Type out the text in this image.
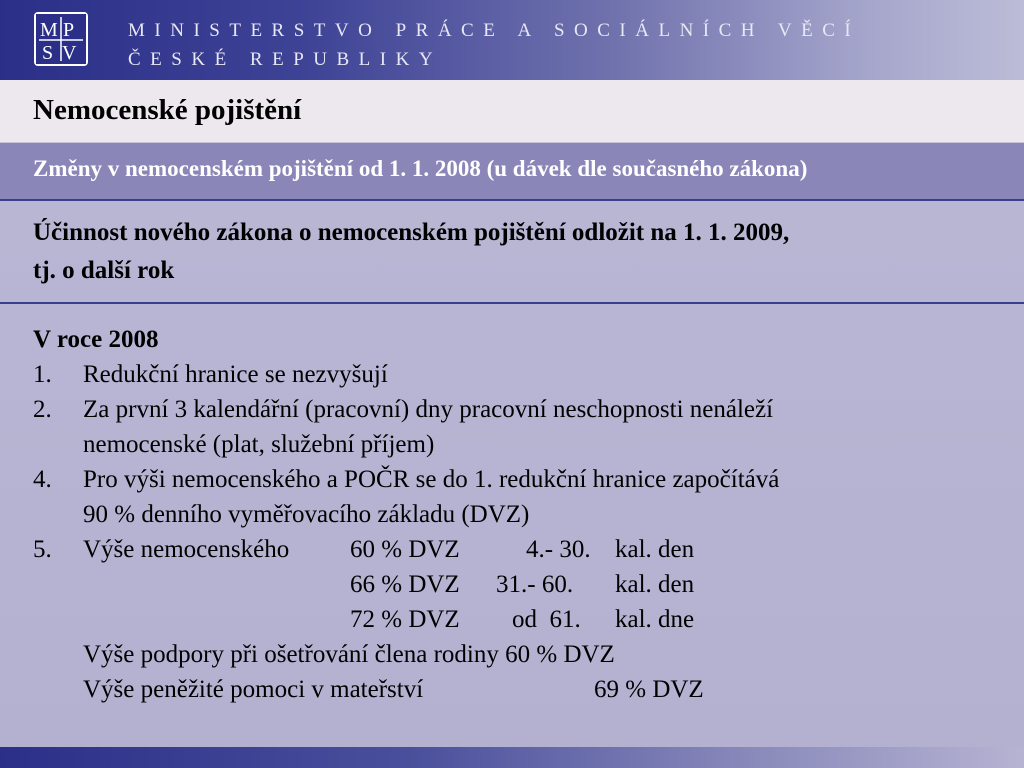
M P
S V
MINISTERSTVO PRÁCE A SOCIÁLNÍCH VĚCÍ
ČESKÉ REPUBLIKY
Nemocenské pojištění
Změny v nemocenském pojištění od 1. 1. 2008 (u dávek dle současného zákona)
Účinnost nového zákona o nemocenském pojištění odložit na 1. 1. 2009,
tj. o další rok
V roce 2008
1. Redukční hranice se nezvyšují
2. Za první 3 kalendářní (pracovní) dny pracovní neschopnosti nenáleží
nemocenské (plat, služební příjem)
4. Pro výši nemocenského a POČR se do 1. redukční hranice započítává
90 % denního vyměřovacího základu (DVZ)
5. Výše nemocenského 60 % DVZ	4.- 30. kal. den
66 % DVZ 31.- 60. kal. den
72 % DVZ od  61. kal. dne
Výše podpory při ošetřování člena rodiny 60 % DVZ
Výše peněžité pomoci v mateřství	69 % DVZ
